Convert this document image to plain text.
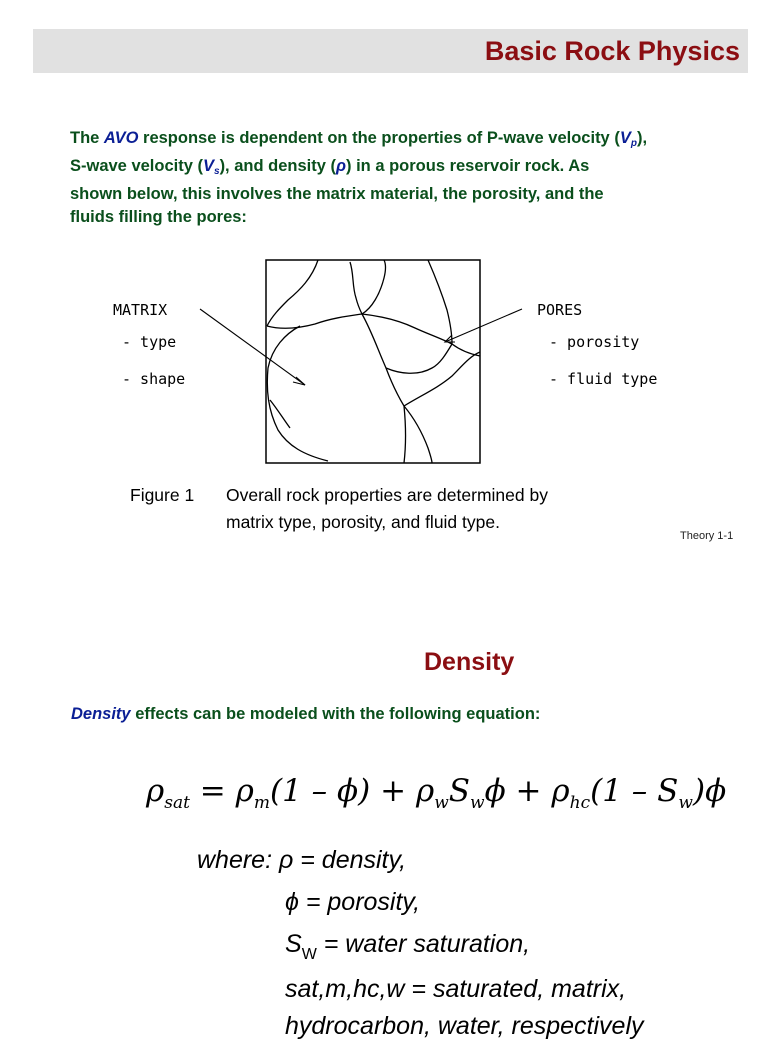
Basic Rock Physics
The AVO response is dependent on the properties of P-wave velocity (Vp),
S-wave velocity (Vs), and density (ρ) in a porous reservoir rock. As
shown below, this involves the matrix material, the porosity, and the
fluids filling the pores:
MATRIX
- type
- shape
PORES
- porosity
- fluid type
Figure 1 Overall rock properties are determined by
matrix type, porosity, and fluid type.
Theory 1-1
Density
Density effects can be modeled with the following equation:
$\rho_{sat} = \rho_m(1 - \phi) + \rho_wS_w\phi + \rho_{hc}(1 - S_w)\phi$
where: ρ = density,
ϕ = porosity,
$S_W$ = water saturation,
sat,m,hc,w = saturated, matrix,
hydrocarbon, water, respectively
